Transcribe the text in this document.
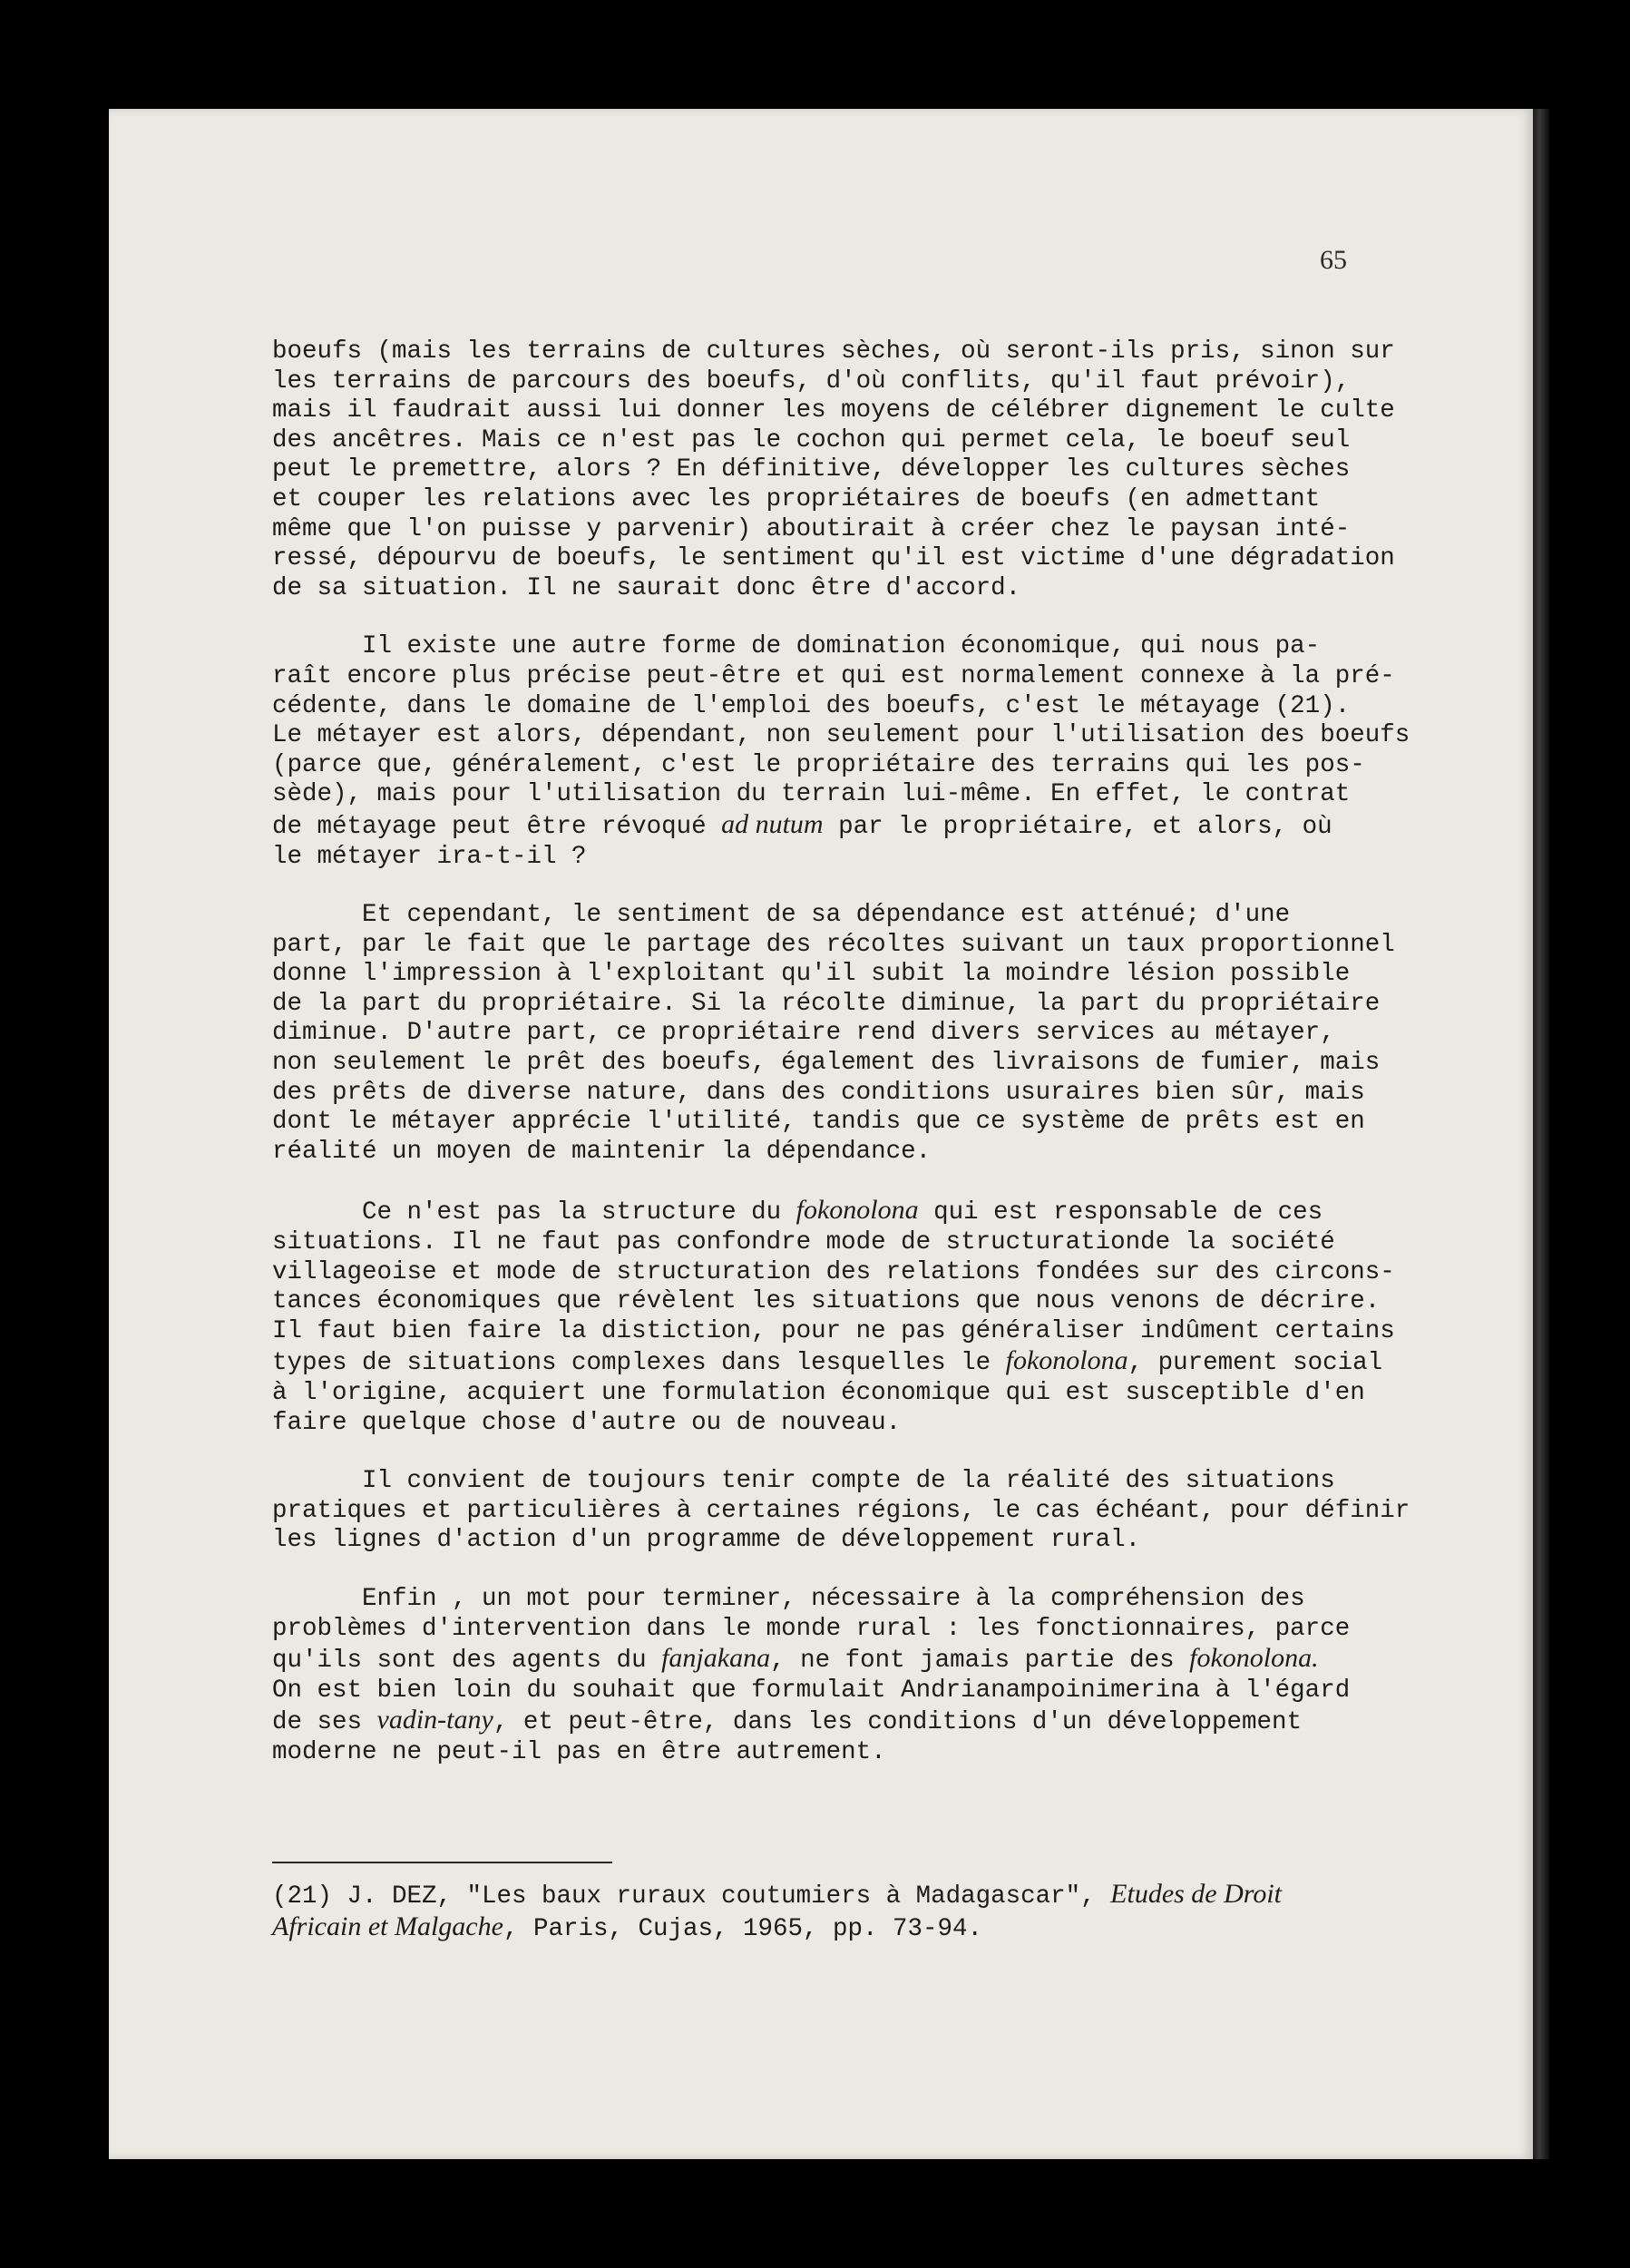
65
boeufs (mais les terrains de cultures sèches, où seront-ils pris, sinon sur
les terrains de parcours des boeufs, d'où conflits, qu'il faut prévoir),
mais il faudrait aussi lui donner les moyens de célébrer dignement le culte
des ancêtres. Mais ce n'est pas le cochon qui permet cela, le boeuf seul
peut le premettre, alors ? En définitive, développer les cultures sèches
et couper les relations avec les propriétaires de boeufs (en admettant
même que l'on puisse y parvenir) aboutirait à créer chez le paysan inté-
ressé, dépourvu de boeufs, le sentiment qu'il est victime d'une dégradation
de sa situation. Il ne saurait donc être d'accord.
Il existe une autre forme de domination économique, qui nous pa-
raît encore plus précise peut-être et qui est normalement connexe à la pré-
cédente, dans le domaine de l'emploi des boeufs, c'est le métayage (21).
Le métayer est alors, dépendant, non seulement pour l'utilisation des boeufs
(parce que, généralement, c'est le propriétaire des terrains qui les pos-
sède), mais pour l'utilisation du terrain lui-même. En effet, le contrat
de métayage peut être révoqué ad nutum par le propriétaire, et alors, où
le métayer ira-t-il ?
Et cependant, le sentiment de sa dépendance est atténué; d'une
part, par le fait que le partage des récoltes suivant un taux proportionnel
donne l'impression à l'exploitant qu'il subit la moindre lésion possible
de la part du propriétaire. Si la récolte diminue, la part du propriétaire
diminue. D'autre part, ce propriétaire rend divers services au métayer,
non seulement le prêt des boeufs, également des livraisons de fumier, mais
des prêts de diverse nature, dans des conditions usuraires bien sûr, mais
dont le métayer apprécie l'utilité, tandis que ce système de prêts est en
réalité un moyen de maintenir la dépendance.
Ce n'est pas la structure du fokonolona qui est responsable de ces
situations. Il ne faut pas confondre mode de structurationde la société
villageoise et mode de structuration des relations fondées sur des circons-
tances économiques que révèlent les situations que nous venons de décrire.
Il faut bien faire la distiction, pour ne pas généraliser indûment certains
types de situations complexes dans lesquelles le fokonolona, purement social
à l'origine, acquiert une formulation économique qui est susceptible d'en
faire quelque chose d'autre ou de nouveau.
Il convient de toujours tenir compte de la réalité des situations
pratiques et particulières à certaines régions, le cas échéant, pour définir
les lignes d'action d'un programme de développement rural.
Enfin , un mot pour terminer, nécessaire à la compréhension des
problèmes d'intervention dans le monde rural : les fonctionnaires, parce
qu'ils sont des agents du fanjakana, ne font jamais partie des fokonolona.
On est bien loin du souhait que formulait Andrianampoinimerina à l'égard
de ses vadin-tany, et peut-être, dans les conditions d'un développement
moderne ne peut-il pas en être autrement.
(21) J. DEZ, "Les baux ruraux coutumiers à Madagascar", Etudes de Droit
Africain et Malgache, Paris, Cujas, 1965, pp. 73-94.
